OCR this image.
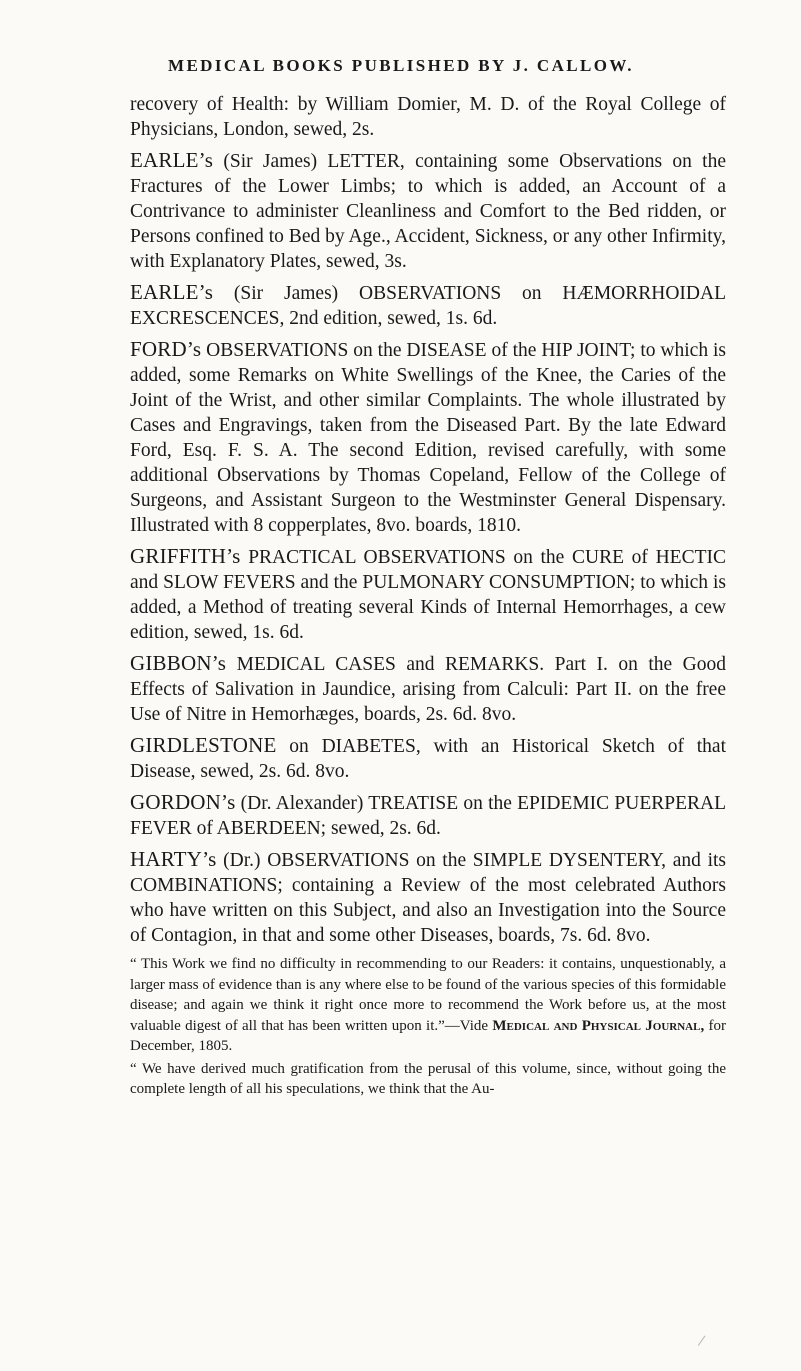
MEDICAL BOOKS PUBLISHED BY J. CALLOW.

recovery of Health: by William Domier, M. D. of the Royal College of Physicians, London, sewed, 2s.

EARLE’s (Sir James) LETTER, containing some Observations on the Fractures of the Lower Limbs; to which is added, an Account of a Contrivance to administer Cleanliness and Comfort to the Bed ridden, or Persons confined to Bed by Age., Accident, Sickness, or any other Infirmity, with Explanatory Plates, sewed, 3s.

EARLE’s (Sir James) OBSERVATIONS on HÆMORRHOIDAL EXCRESCENCES, 2nd edition, sewed, 1s. 6d.

FORD’s OBSERVATIONS on the DISEASE of the HIP JOINT; to which is added, some Remarks on White Swellings of the Knee, the Caries of the Joint of the Wrist, and other similar Complaints. The whole illustrated by Cases and Engravings, taken from the Diseased Part. By the late Edward Ford, Esq. F. S. A. The second Edition, revised carefully, with some additional Observations by Thomas Copeland, Fellow of the College of Surgeons, and Assistant Surgeon to the Westminster General Dispensary. Illustrated with 8 copperplates, 8vo. boards, 1810.

GRIFFITH’s PRACTICAL OBSERVATIONS on the CURE of HECTIC and SLOW FEVERS and the PULMONARY CONSUMPTION; to which is added, a Method of treating several Kinds of Internal Hemorrhages, a cew edition, sewed, 1s. 6d.

GIBBON’s MEDICAL CASES and REMARKS. Part I. on the Good Effects of Salivation in Jaundice, arising from Calculi: Part II. on the free Use of Nitre in Hemorhæges, boards, 2s. 6d. 8vo.

GIRDLESTONE on DIABETES, with an Historical Sketch of that Disease, sewed, 2s. 6d. 8vo.

GORDON’s (Dr. Alexander) TREATISE on the EPIDEMIC PUERPERAL FEVER of ABERDEEN; sewed, 2s. 6d.

HARTY’s (Dr.) OBSERVATIONS on the SIMPLE DYSENTERY, and its COMBINATIONS; containing a Review of the most celebrated Authors who have written on this Subject, and also an Investigation into the Source of Contagion, in that and some other Diseases, boards, 7s. 6d. 8vo.

“ This Work we find no difficulty in recommending to our Readers: it contains, unquestionably, a larger mass of evidence than is any where else to be found of the various species of this formidable disease; and again we think it right once more to recommend the Work before us, at the most valuable digest of all that has been written upon it.”—Vide Medical and Physical Journal, for December, 1805.

“ We have derived much gratification from the perusal of this volume, since, without going the complete length of all his speculations, we think that the Au-
